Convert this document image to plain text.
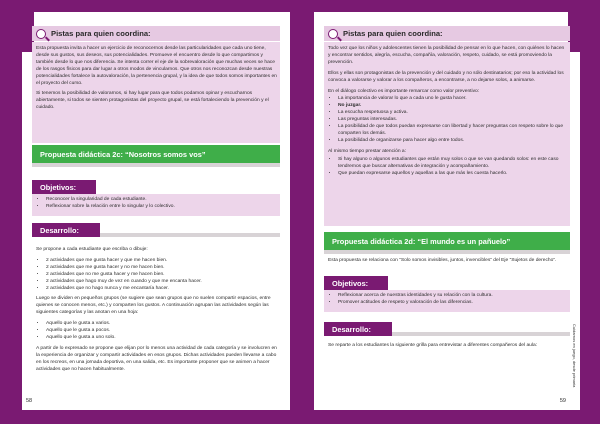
Pistas para quien coordina:

Esta propuesta invita a hacer un ejercicio de reconocernos desde las particularidades que cada uno tiene, desde sus gustos, sus deseos, sus potencialidades. Promueve el encuentro desde lo que compartimos y también desde lo que nos diferencia. Se intenta correr el eje de la sobrevaloración que muchas veces se hace de los rasgos físicos para dar lugar a otros modos de vincularnos. Que otros nos reconozcan desde nuestras potencialidades fortalece la autovaloración, la pertenencia grupal, y la idea de que todos somos importantes en el proyecto del curso.

Si tenemos la posibilidad de valorarnos, si hay lugar para que todos podamos opinar y escucharnos abiertamente, si todos se sienten protagonistas del proyecto grupal, se está fortaleciendo la prevención y el cuidado.

Propuesta didáctica 2c: “Nosotros somos vos”
Objetivos:
• Reconocer la singularidad de cada estudiante.
• Reflexionar sobre la relación entre lo singular y lo colectivo.
Desarrollo:

Se propone a cada estudiante que escriba o dibuje:

• 2 actividades que me gusta hacer y que me hacen bien.
• 2 actividades que me gusta hacer y no me hacen bien.
• 2 actividades que no me gusta hacer y me hacen bien.
• 2 actividades que hago muy de vez en cuando y que me encanta hacer.
• 2 actividades que no hago nunca y me encantaría hacer.

Luego se dividen en pequeños grupos (se sugiere que sean grupos que no suelen compartir espacios, entre quienes se conocen menos, etc.) y comparten los gustos. A continuación agrupan las actividades según las siguientes categorías y las anotan en una hoja:

• Aquello que le gusta a varios.
• Aquello que le gusta a pocos.
• Aquello que le gusta a uno solo.

A partir de lo expresado se propone que elijan por lo menos una actividad de cada categoría y se involucren en la experiencia de organizar y compartir actividades en esos grupos. Dichas actividades pueden llevarse a cabo en los recreos, en una jornada deportiva, en una salida, etc. Es importante proponer que se animen a hacer actividades que no hacen habitualmente.

58
Pistas para quien coordina:

Todo vez que los niños y adolescentes tienen la posibilidad de pensar en lo que hacen, con quiénes lo hacen y encontrar sentidos, alegría, escucha, compañía, valoración, respeto, cuidado, se está promoviendo la prevención.

Ellos y ellas son protagonistas de la prevención y del cuidado y no sólo destinatarios; por eso la actividad los convoca a valorarse y valorar a los compañeros, a encontrarse, a no dejarse solos, a animarse.

En el diálogo colectivo es importante remarcar como valor preventivo:

• La importancia de valorar lo que a cada uno le gusta hacer.
• No juzgar.
• La escucha respetuosa y activa.
• Las preguntas interesadas.
• La posibilidad de que todos puedan expresarse con libertad y hacer preguntas con respeto sobre lo que comparten los demás.
• La posibilidad de organizarse para hacer algo entre todos.

Al mismo tiempo prestar atención a:

• Si hay alguno o algunos estudiantes que están muy solos o que se van quedando solos: en este caso tendremos que buscar alternativas de integración y acompañamiento.
• Que puedan expresarse aquellos y aquellas a las que más les cuesta hacerlo.
Propuesta didáctica 2d: “El mundo es un pañuelo”
Esta propuesta se relaciona con “Solo somos invisibles, juntos, invencibles” del Eje “Sujetos de derecho”.
Objetivos:
• Reflexionar acerca de nuestras identidades y su relación con la cultura.
• Promover actitudes de respeto y valoración de las diferencias.
Desarrollo:
Se reparte a los estudiantes la siguiente grilla para entrevistar a diferentes compañeros del aula:	Cuidarnos en juego, desde primaria
59
